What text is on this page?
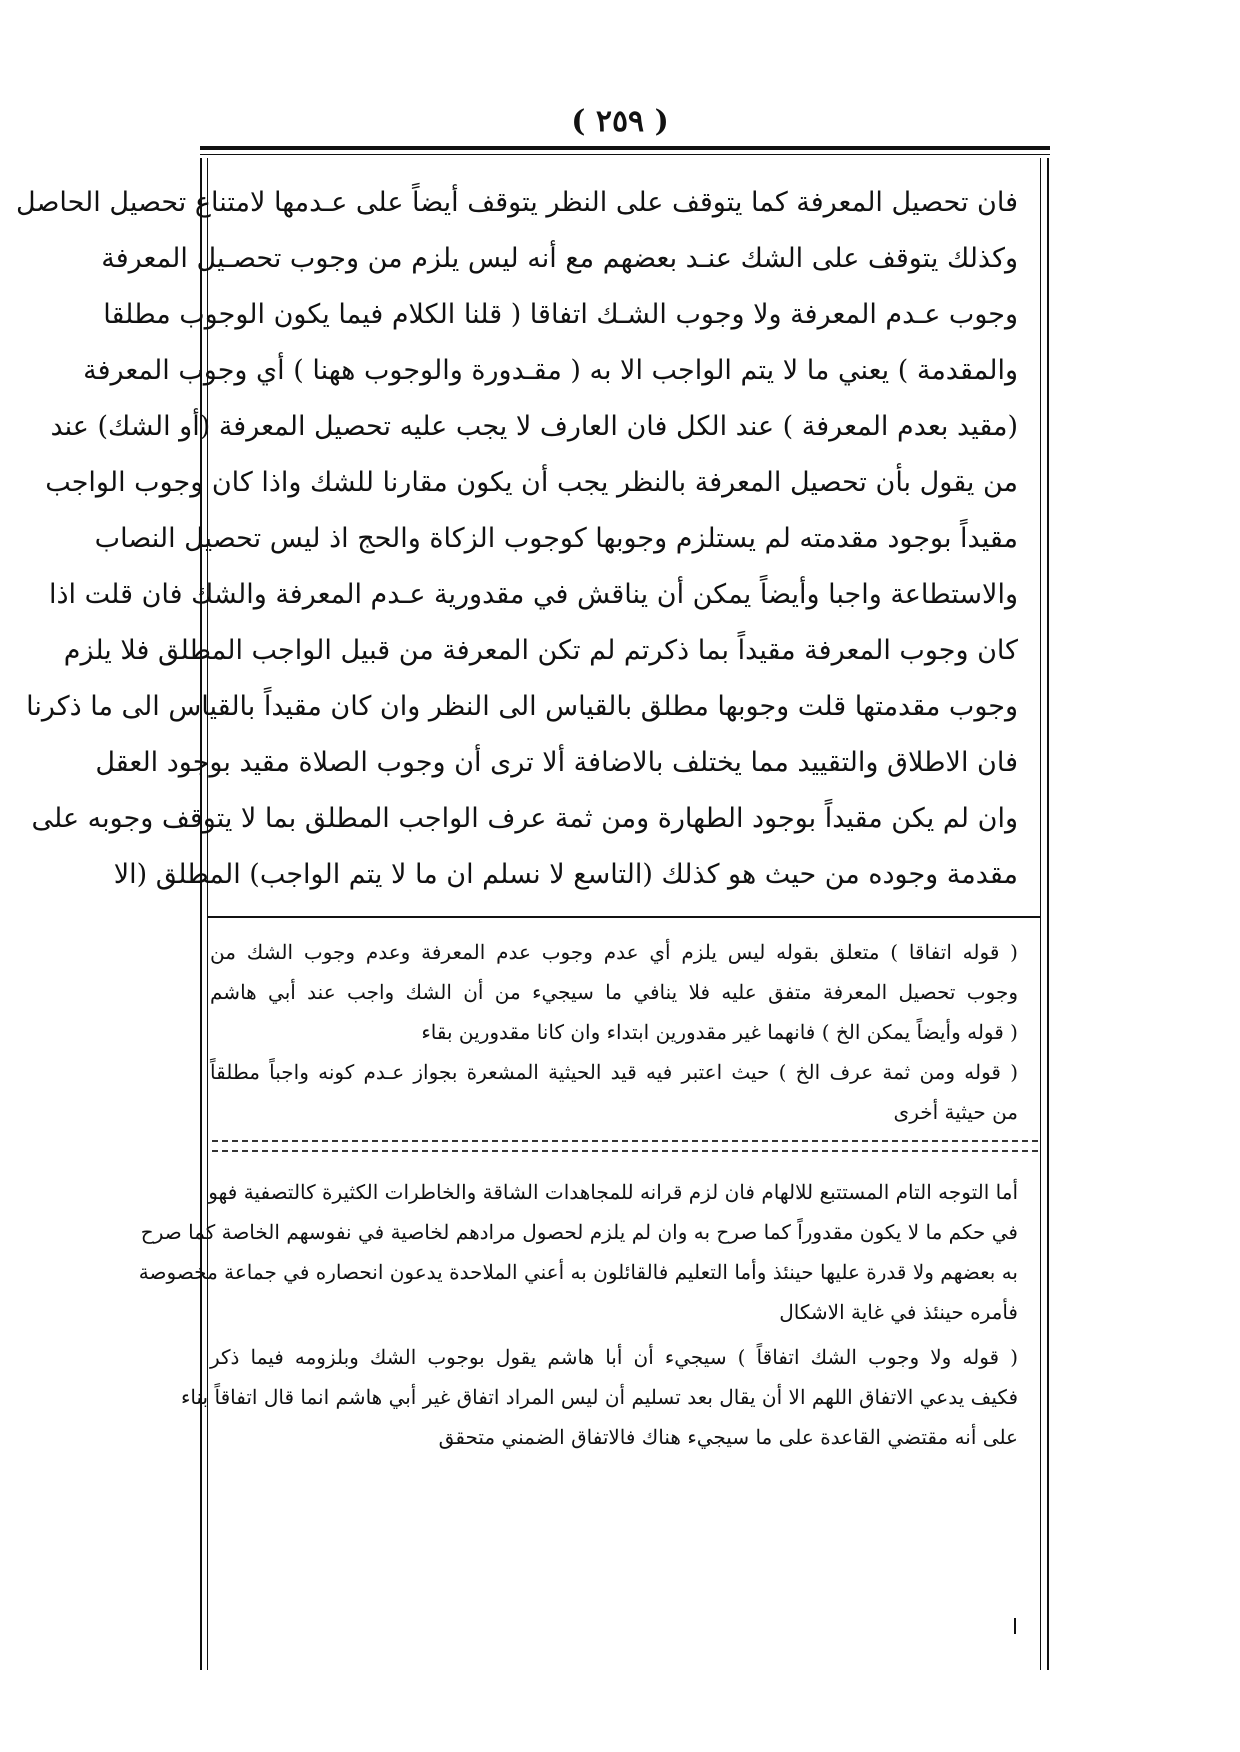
( ٢٥٩ )
فان تحصيل المعرفة كما يتوقف على النظر يتوقف أيضاً على عـدمها لامتناع تحصيل الحاصل
وكذلك يتوقف على الشك عنـد بعضهم مع أنه ليس يلزم من وجوب تحصـيل المعرفة
وجوب عـدم المعرفة ولا وجوب الشـك اتفاقا ( قلنا الكلام فيما يكون الوجوب مطلقا
والمقدمة ) يعني ما لا يتم الواجب الا به ( مقـدورة والوجوب ههنا ) أي وجوب المعرفة
(مقيد بعدم المعرفة ) عند الكل فان العارف لا يجب عليه تحصيل المعرفة (أو الشك) عند
من يقول بأن تحصيل المعرفة بالنظر يجب أن يكون مقارنا للشك واذا كان وجوب الواجب
مقيداً بوجود مقدمته لم يستلزم وجوبها كوجوب الزكاة والحج اذ ليس تحصيل النصاب
والاستطاعة واجبا وأيضاً يمكن أن يناقش في مقدورية عـدم المعرفة والشك فان قلت اذا
كان وجوب المعرفة مقيداً بما ذكرتم لم تكن المعرفة من قبيل الواجب المطلق فلا يلزم
وجوب مقدمتها قلت وجوبها مطلق بالقياس الى النظر وان كان مقيداً بالقياس الى ما ذكرنا
فان الاطلاق والتقييد مما يختلف بالاضافة ألا ترى أن وجوب الصلاة مقيد بوجود العقل
وان لم يكن مقيداً بوجود الطهارة ومن ثمة عرف الواجب المطلق بما لا يتوقف وجوبه على
مقدمة وجوده من حيث هو كذلك (التاسع لا نسلم ان ما لا يتم الواجب) المطلق (الا
( قوله اتفاقا ) متعلق بقوله ليس يلزم أي عدم وجوب عدم المعرفة وعدم وجوب الشك من
وجوب تحصيل المعرفة متفق عليه فلا ينافي ما سيجيء من أن الشك واجب عند أبي هاشم
( قوله وأيضاً يمكن الخ ) فانهما غير مقدورين ابتداء وان كانا مقدورين بقاء
( قوله ومن ثمة عرف الخ ) حيث اعتبر فيه قيد الحيثية المشعرة بجواز عـدم كونه واجباً مطلقاً
من حيثية أخرى
أما التوجه التام المستتبع للالهام فان لزم قرانه للمجاهدات الشاقة والخاطرات الكثيرة كالتصفية فهو
في حكم ما لا يكون مقدوراً كما صرح به وان لم يلزم لحصول مرادهم لخاصية في نفوسهم الخاصة كما صرح
به بعضهم ولا قدرة عليها حينئذ وأما التعليم فالقائلون به أعني الملاحدة يدعون انحصاره في جماعة مخصوصة
فأمره حينئذ في غاية الاشكال
( قوله ولا وجوب الشك اتفاقاً ) سيجيء أن أبا هاشم يقول بوجوب الشك وبلزومه فيما ذكر
فكيف يدعي الاتفاق اللهم الا أن يقال بعد تسليم أن ليس المراد اتفاق غير أبي هاشم انما قال اتفاقاً بناء
على أنه مقتضي القاعدة على ما سيجيء هناك فالاتفاق الضمني متحقق
